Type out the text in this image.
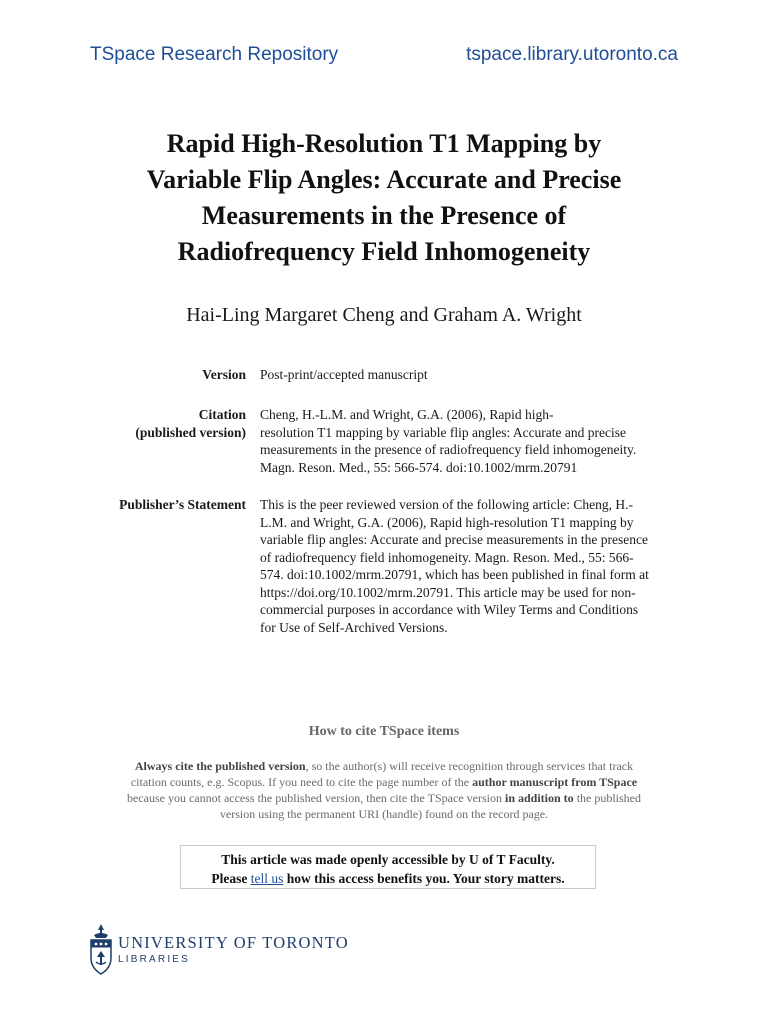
TSpace Research Repository	tspace.library.utoronto.ca
Rapid High-Resolution T1 Mapping by
Variable Flip Angles: Accurate and Precise
Measurements in the Presence of
Radiofrequency Field Inhomogeneity
Hai-Ling Margaret Cheng and Graham A. Wright
Version Post-print/accepted manuscript
Citation
(published version)
Cheng, H.-L.M. and Wright, G.A. (2006), Rapid high-
resolution T1 mapping by variable flip angles: Accurate and precise
measurements in the presence of radiofrequency field inhomogeneity.
Magn. Reson. Med., 55: 566-574. doi:10.1002/mrm.20791
Publisher’s Statement This is the peer reviewed version of the following article: Cheng, H.-
L.M. and Wright, G.A. (2006), Rapid high-resolution T1 mapping by
variable flip angles: Accurate and precise measurements in the presence
of radiofrequency field inhomogeneity. Magn. Reson. Med., 55: 566-
574. doi:10.1002/mrm.20791, which has been published in final form at
https://doi.org/10.1002/mrm.20791. This article may be used for non-
commercial purposes in accordance with Wiley Terms and Conditions
for Use of Self-Archived Versions.
How to cite TSpace items
Always cite the published version, so the author(s) will receive recognition through services that track
citation counts, e.g. Scopus. If you need to cite the page number of the author manuscript from TSpace
because you cannot access the published version, then cite the TSpace version in addition to the published
version using the permanent URI (handle) found on the record page.
This article was made openly accessible by U of T Faculty.
Please tell us how this access benefits you. Your story matters.
UNIVERSITY OF TORONTO
LIBRARIES
